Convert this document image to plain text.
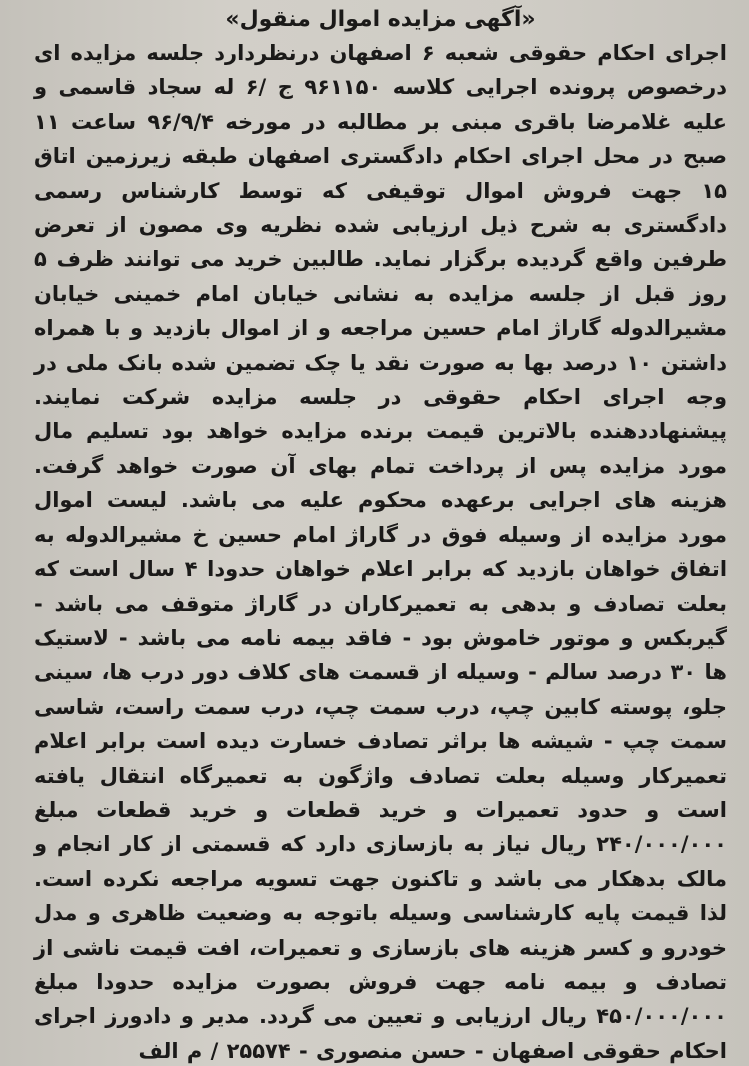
«آگهی مزایده اموال منقول»

اجرای احکام حقوقی شعبه ۶ اصفهان درنظردارد جلسه مزایده ای درخصوص پرونده اجرایی کلاسه ۹۶۱۱۵۰ ج /۶ له سجاد قاسمی و علیه غلامرضا باقری مبنی بر مطالبه در مورخه ۹۶/۹/۴ ساعت ۱۱ صبح در محل اجرای احکام دادگستری اصفهان طبقه زیرزمین اتاق ۱۵ جهت فروش اموال توقیفی که توسط کارشناس رسمی دادگستری به شرح ذیل ارزیابی شده نظریه وی مصون از تعرض طرفین واقع گردیده برگزار نماید. طالبین خرید می توانند ظرف ۵ روز قبل از جلسه مزایده به نشانی خیابان امام خمینی خیابان مشیرالدوله گاراژ امام حسین مراجعه و از اموال بازدید و با همراه داشتن ۱۰ درصد بها به صورت نقد یا چک تضمین شده بانک ملی در وجه اجرای احکام حقوقی در جلسه مزایده شرکت نمایند. پیشنهاددهنده بالاترین قیمت برنده مزایده خواهد بود تسلیم مال مورد مزایده پس از پرداخت تمام بهای آن صورت خواهد گرفت. هزینه های اجرایی برعهده محکوم علیه می باشد. لیست اموال مورد مزایده از وسیله فوق در گاراژ امام حسین خ مشیرالدوله به اتفاق خواهان بازدید که برابر اعلام خواهان حدودا ۴ سال است که بعلت تصادف و بدهی به تعمیرکاران در گاراژ متوقف می باشد - گیربکس و موتور خاموش بود - فاقد بیمه نامه می باشد - لاستیک ها ۳۰ درصد سالم - وسیله از قسمت های کلاف دور درب ها، سینی جلو، پوسته کابین چپ، درب سمت چپ، درب سمت راست، شاسی سمت چپ - شیشه ها براثر تصادف خسارت دیده است برابر اعلام تعمیرکار وسیله بعلت تصادف واژگون به تعمیرگاه انتقال یافته است و حدود تعمیرات و خرید قطعات و خرید قطعات مبلغ ۲۴۰/۰۰۰/۰۰۰ ریال نیاز به بازسازی دارد که قسمتی از کار انجام و مالک بدهکار می باشد و تاکنون جهت تسویه مراجعه نکرده است. لذا قیمت پایه کارشناسی وسیله باتوجه به وضعیت ظاهری و مدل خودرو و کسر هزینه های بازسازی و تعمیرات، افت قیمت ناشی از تصادف و بیمه نامه جهت فروش بصورت مزایده حدودا مبلغ ۴۵۰/۰۰۰/۰۰۰ ریال ارزیابی و تعیین می گردد. مدیر و دادورز اجرای احکام حقوقی اصفهان - حسن منصوری - ۲۵۵۷۴ / م الف
